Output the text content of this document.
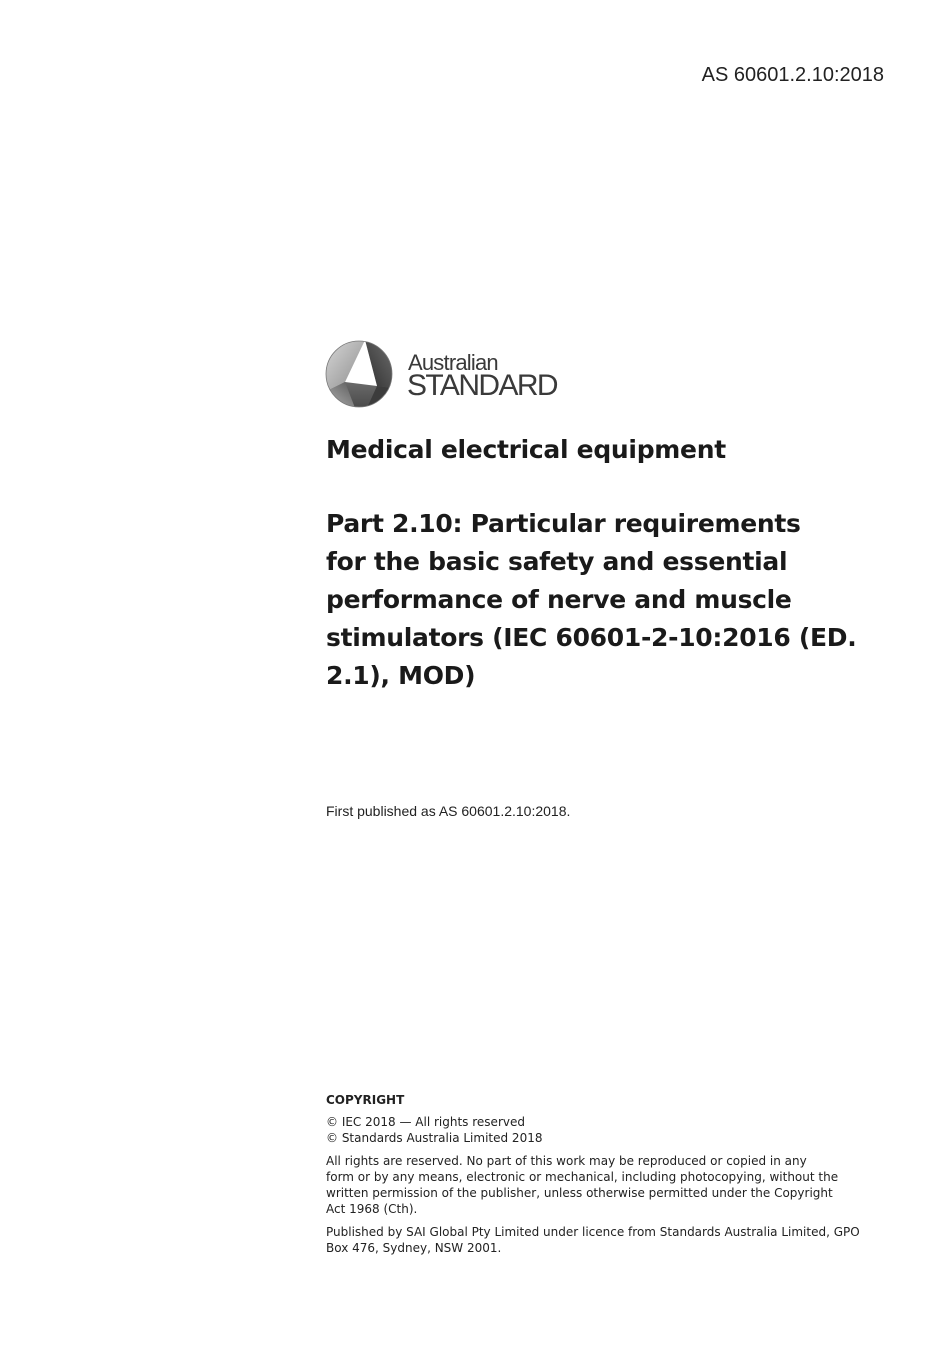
AS 60601.2.10:2018
Australian
STANDARD
Medical electrical equipment
Part 2.10: Particular requirements
for the basic safety and essential
performance of nerve and muscle
stimulators (IEC 60601-2-10:2016 (ED.
2.1), MOD)
First published as AS 60601.2.10:2018.
COPYRIGHT

© IEC 2018 — All rights reserved
© Standards Australia Limited 2018

All rights are reserved. No part of this work may be reproduced or copied in any
form or by any means, electronic or mechanical, including photocopying, without the
written permission of the publisher, unless otherwise permitted under the Copyright
Act 1968 (Cth).

Published by SAI Global Pty Limited under licence from Standards Australia Limited, GPO
Box 476, Sydney, NSW 2001.
